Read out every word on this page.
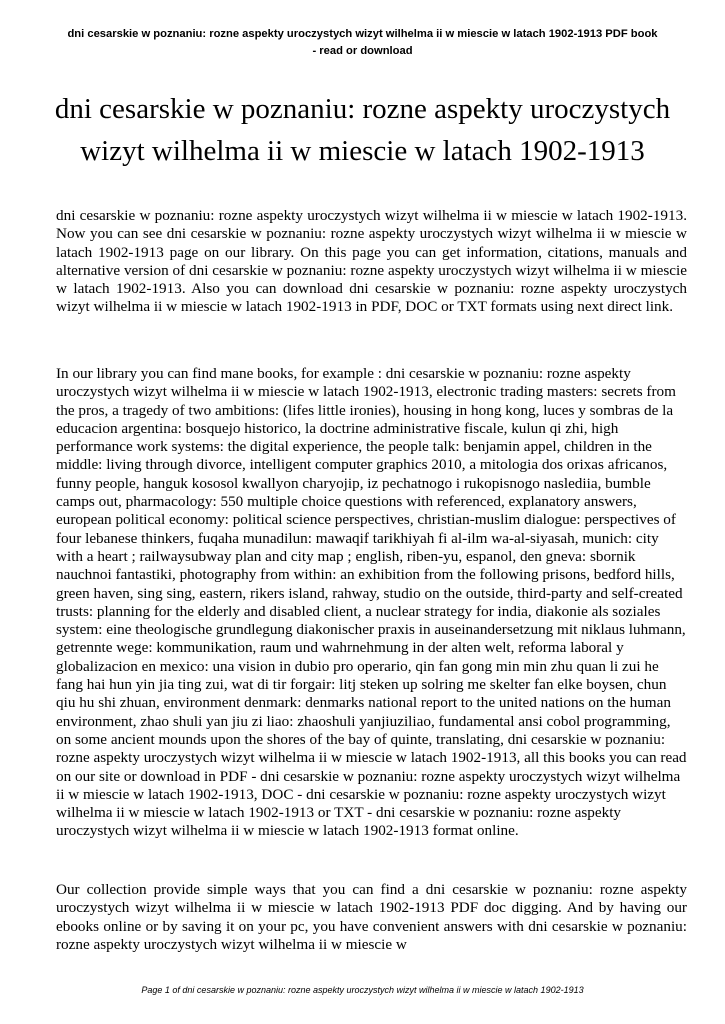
dni cesarskie w poznaniu: rozne aspekty uroczystych wizyt wilhelma ii w miescie w latach 1902-1913 PDF book
- read or download
dni cesarskie w poznaniu: rozne aspekty uroczystych
wizyt wilhelma ii w miescie w latach 1902-1913

dni cesarskie w poznaniu: rozne aspekty uroczystych wizyt wilhelma ii w miescie w latach 1902-1913. Now you can see dni cesarskie w poznaniu: rozne aspekty uroczystych wizyt wilhelma ii w miescie w latach 1902-1913 page on our library. On this page you can get information, citations, manuals and alternative version of dni cesarskie w poznaniu: rozne aspekty uroczystych wizyt wilhelma ii w miescie w latach 1902-1913. Also you can download dni cesarskie w poznaniu: rozne aspekty uroczystych wizyt wilhelma ii w miescie w latach 1902-1913 in PDF, DOC or TXT formats using next direct link.

In our library you can find mane books, for example : dni cesarskie w poznaniu: rozne aspekty uroczystych wizyt wilhelma ii w miescie w latach 1902-1913, electronic trading masters: secrets from the pros, a tragedy of two ambitions: (lifes little ironies), housing in hong kong, luces y sombras de la educacion argentina: bosquejo historico, la doctrine administrative fiscale, kulun qi zhi, high performance work systems: the digital experience, the people talk: benjamin appel, children in the middle: living through divorce, intelligent computer graphics 2010, a mitologia dos orixas africanos, funny people, hanguk kososol kwallyon charyojip, iz pechatnogo i rukopisnogo naslediia, bumble camps out, pharmacology: 550 multiple choice questions with referenced, explanatory answers, european political economy: political science perspectives, christian-muslim dialogue: perspectives of four lebanese thinkers, fuqaha munadilun: mawaqif tarikhiyah fi al-ilm wa-al-siyasah, munich: city with a heart ; railwaysubway plan and city map ; english, riben-yu, espanol, den gneva: sbornik nauchnoi fantastiki, photography from within: an exhibition from the following prisons, bedford hills, green haven, sing sing, eastern, rikers island, rahway, studio on the outside, third-party and self-created trusts: planning for the elderly and disabled client, a nuclear strategy for india, diakonie als soziales system: eine theologische grundlegung diakonischer praxis in auseinandersetzung mit niklaus luhmann, getrennte wege: kommunikation, raum und wahrnehmung in der alten welt, reforma laboral y globalizacion en mexico: una vision in dubio pro operario, qin fan gong min min zhu quan li zui he fang hai hun yin jia ting zui, wat di tir forgair: litj steken up solring me skelter fan elke boysen, chun qiu hu shi zhuan, environment denmark: denmarks national report to the united nations on the human environment, zhao shuli yan jiu zi liao: zhaoshuli yanjiuziliao, fundamental ansi cobol programming, on some ancient mounds upon the shores of the bay of quinte, translating, dni cesarskie w poznaniu: rozne aspekty uroczystych wizyt wilhelma ii w miescie w latach 1902-1913, all this books you can read on our site or download in PDF - dni cesarskie w poznaniu: rozne aspekty uroczystych wizyt wilhelma ii w miescie w latach 1902-1913, DOC - dni cesarskie w poznaniu: rozne aspekty uroczystych wizyt wilhelma ii w miescie w latach 1902-1913 or TXT - dni cesarskie w poznaniu: rozne aspekty uroczystych wizyt wilhelma ii w miescie w latach 1902-1913 format online.

Our collection provide simple ways that you can find a dni cesarskie w poznaniu: rozne aspekty uroczystych wizyt wilhelma ii w miescie w latach 1902-1913 PDF doc digging. And by having our ebooks online or by saving it on your pc, you have convenient answers with dni cesarskie w poznaniu: rozne aspekty uroczystych wizyt wilhelma ii w miescie w

Page 1 of dni cesarskie w poznaniu: rozne aspekty uroczystych wizyt wilhelma ii w miescie w latach 1902-1913
